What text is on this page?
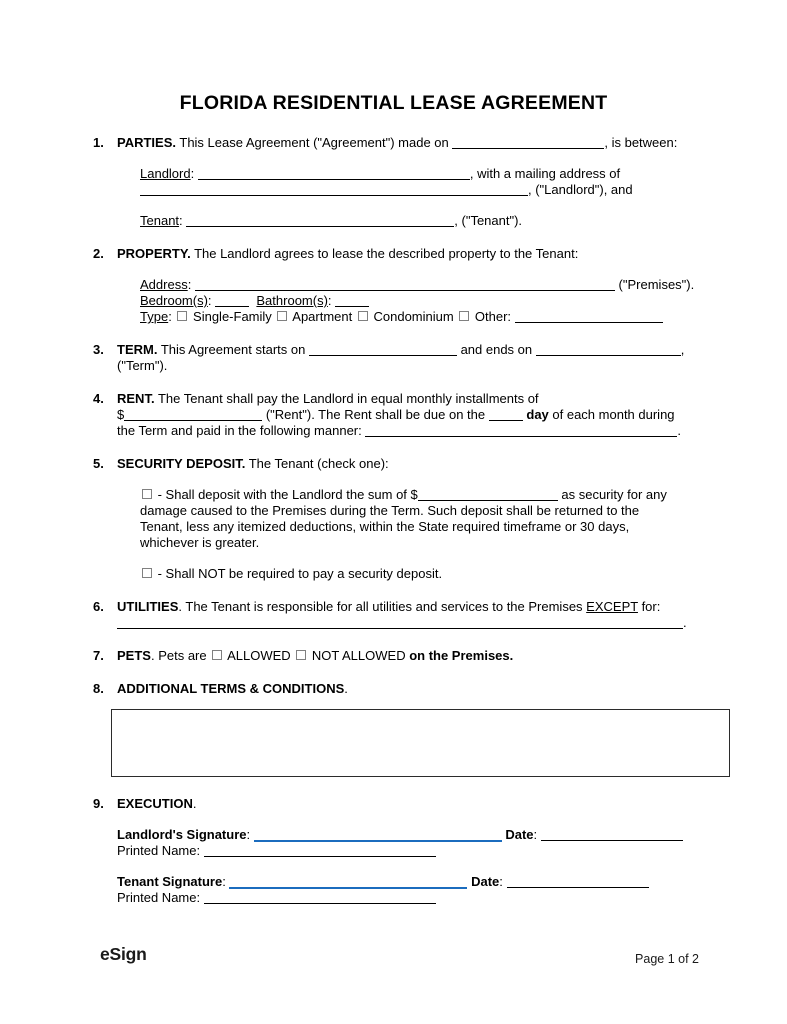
FLORIDA RESIDENTIAL LEASE AGREEMENT
1.	PARTIES. This Lease Agreement ("Agreement") made on	, is between:

Landlord:	, with a mailing address of
, ("Landlord"), and

Tenant:	, ("Tenant").

2.	PROPERTY. The Landlord agrees to lease the described property to the Tenant:

Address:	("Premises").

Bedroom(s):	Bathroom(s):

Type:  Single-Family  Apartment  Condominium  Other:

3.	TERM. This Agreement starts on	and ends on	,
("Term").

4.	RENT. The Tenant shall pay the Landlord in equal monthly installments of
$	("Rent"). The Rent shall be due on the	day of each month during
the Term and paid in the following manner:	.

5.	SECURITY DEPOSIT. The Tenant (check one):

- Shall deposit with the Landlord the sum of $	as security for any
damage caused to the Premises during the Term. Such deposit shall be returned to the
Tenant, less any itemized deductions, within the State required timeframe or 30 days,
whichever is greater.

- Shall NOT be required to pay a security deposit.

6.	UTILITIES. The Tenant is responsible for all utilities and services to the Premises EXCEPT for:
.

7.	PETS. Pets are  ALLOWED  NOT ALLOWED on the Premises.

8.	ADDITIONAL TERMS & CONDITIONS.

9.	EXECUTION.

Landlord's Signature:	Date:

Printed Name:

Tenant Signature:	Date:

Printed Name:

eSign	Page 1 of 2
